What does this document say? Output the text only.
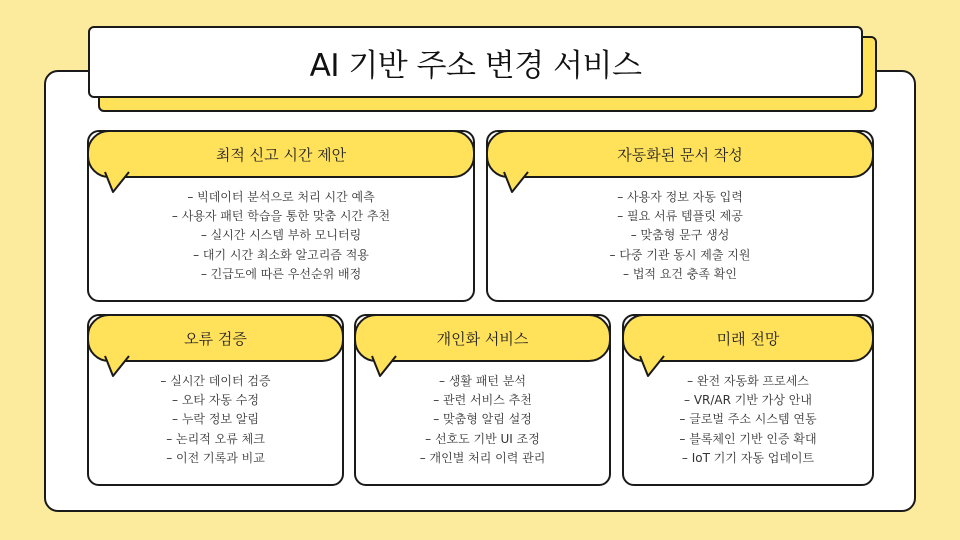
AI 기반 주소 변경 서비스
최적 신고 시간 제안
– 빅데이터 분석으로 처리 시간 예측
– 사용자 패턴 학습을 통한 맞춤 시간 추천
– 실시간 시스템 부하 모니터링
– 대기 시간 최소화 알고리즘 적용
– 긴급도에 따른 우선순위 배정
자동화된 문서 작성
– 사용자 정보 자동 입력
– 필요 서류 템플릿 제공
– 맞춤형 문구 생성
– 다중 기관 동시 제출 지원
– 법적 요건 충족 확인
오류 검증
– 실시간 데이터 검증
– 오타 자동 수정
– 누락 정보 알림
– 논리적 오류 체크
– 이전 기록과 비교
개인화 서비스
– 생활 패턴 분석
– 관련 서비스 추천
– 맞춤형 알림 설정
– 선호도 기반 UI 조정
– 개인별 처리 이력 관리
미래 전망
– 완전 자동화 프로세스
– VR/AR 기반 가상 안내
– 글로벌 주소 시스템 연동
– 블록체인 기반 인증 확대
– IoT 기기 자동 업데이트
